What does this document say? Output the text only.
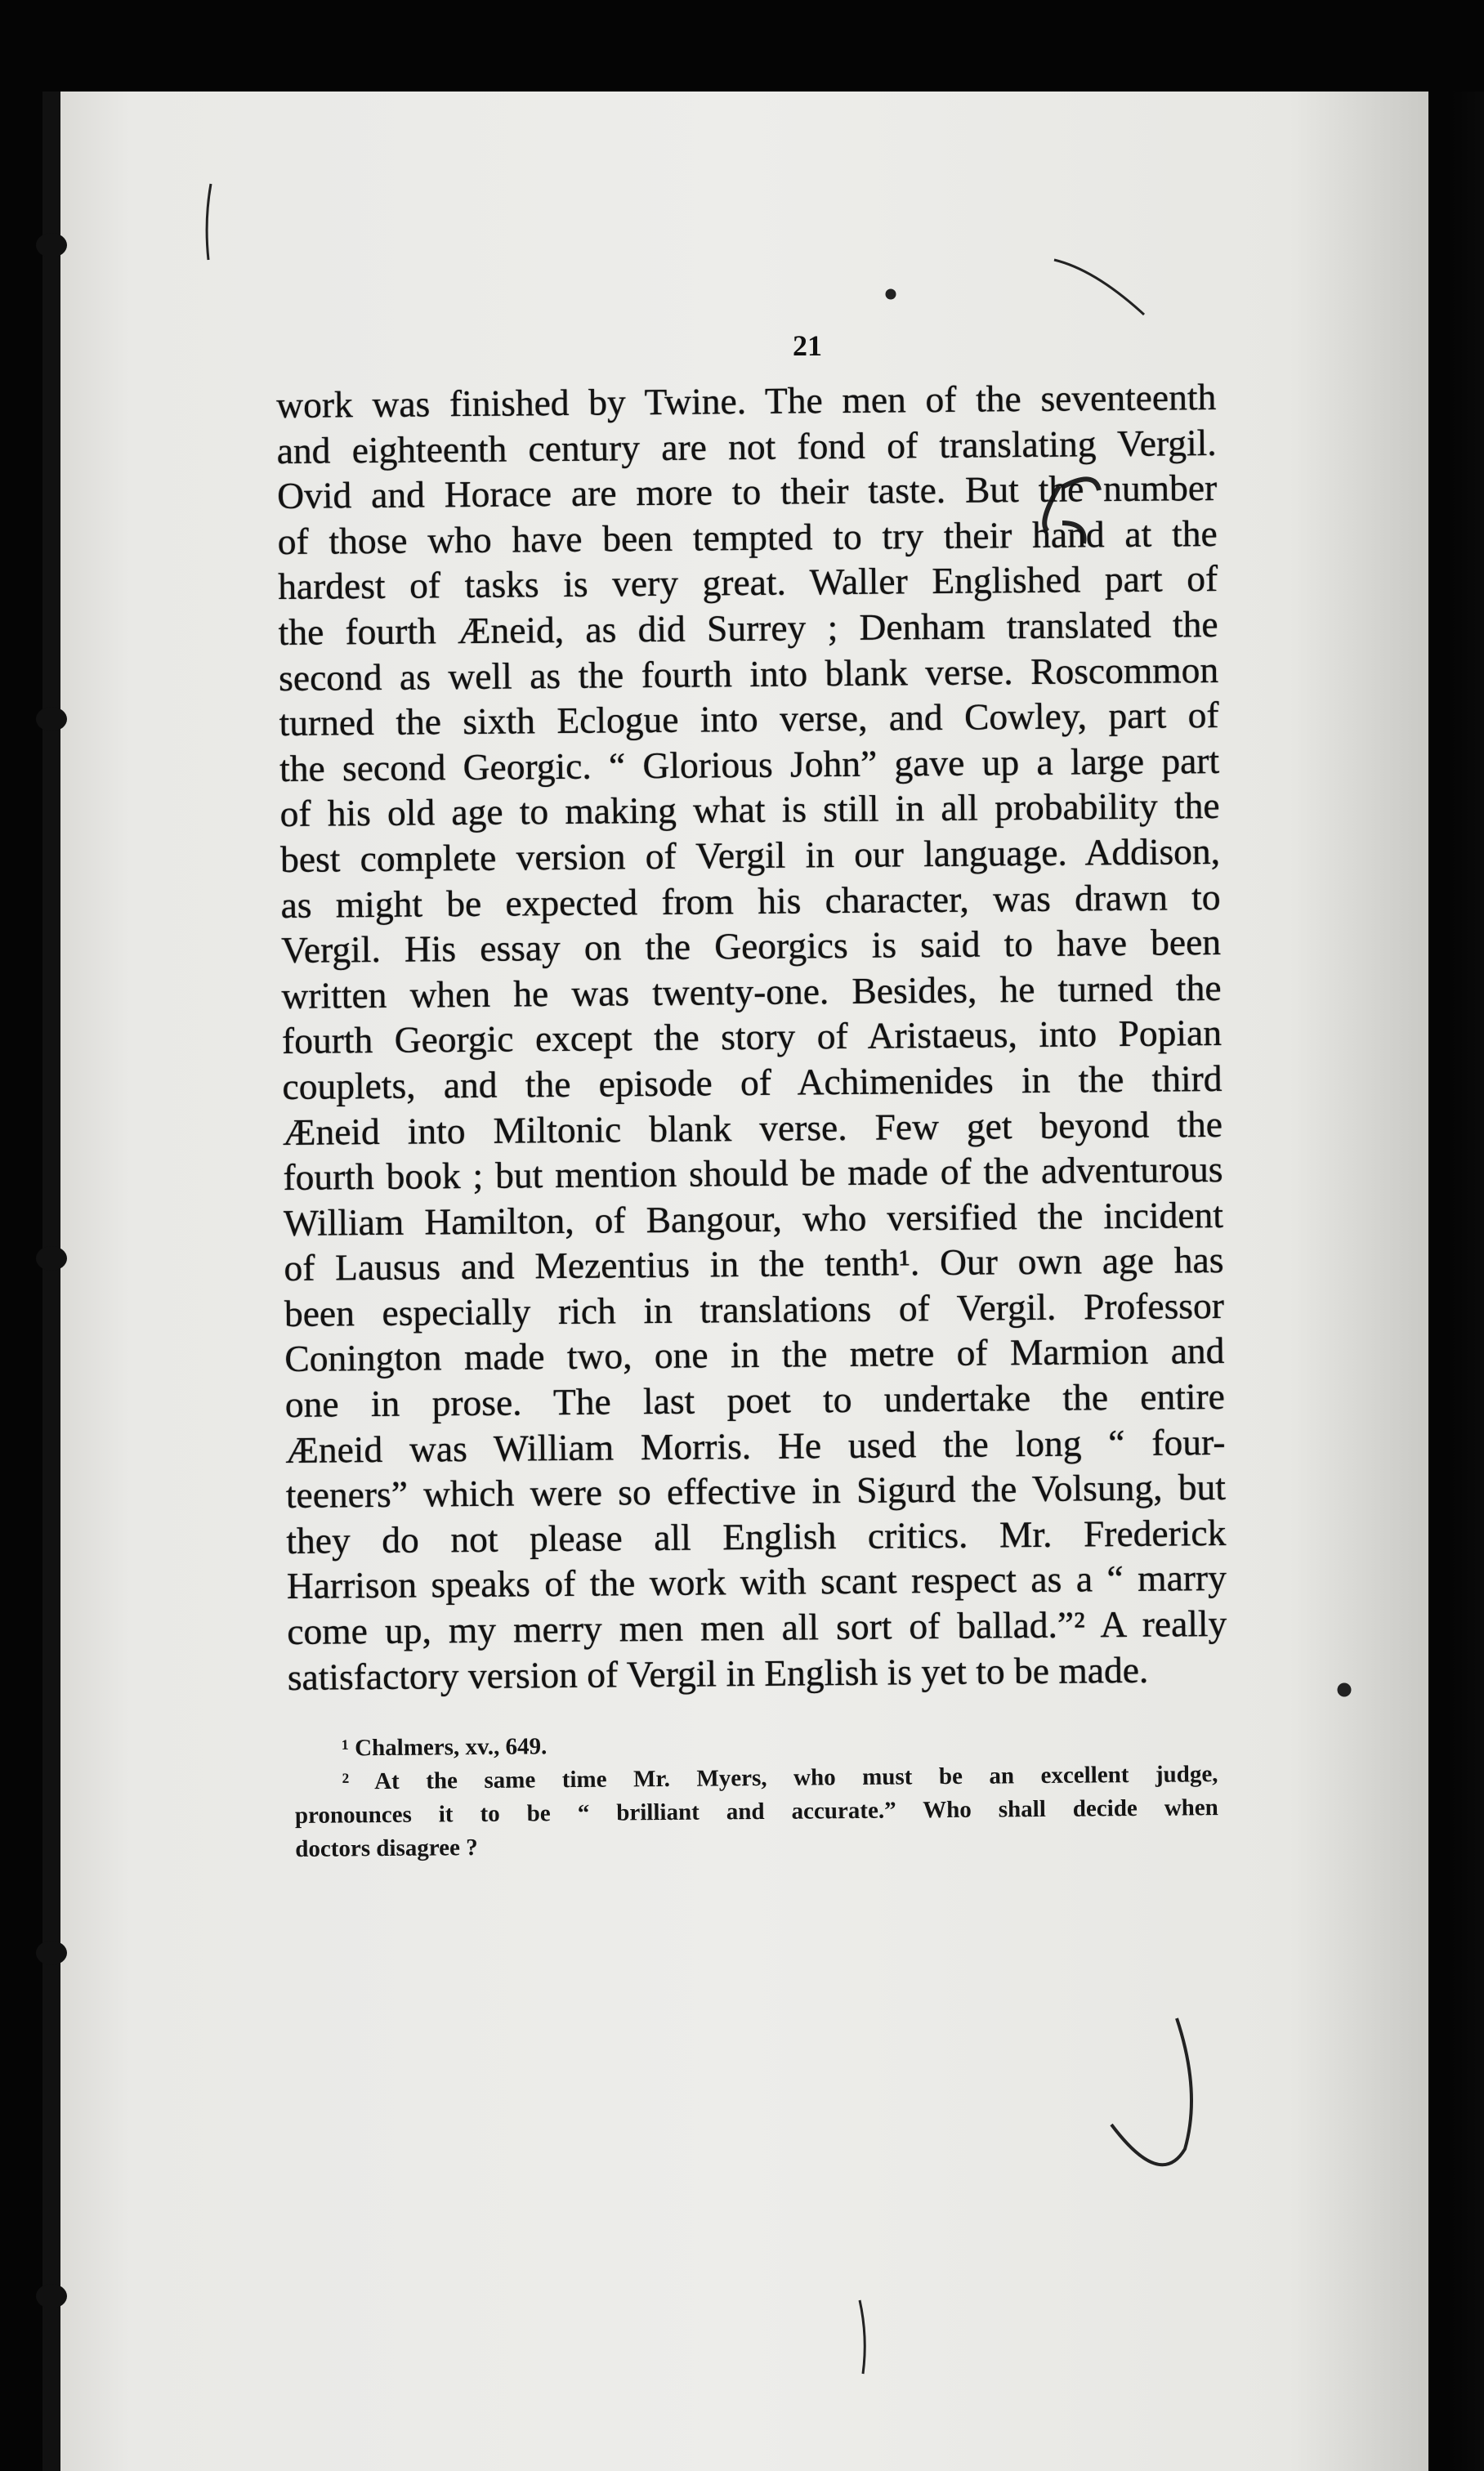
21
work was finished by Twine. The men of the seventeenth
and eighteenth century are not fond of translating Vergil.
Ovid and Horace are more to their taste. But the number
of those who have been tempted to try their hand at the
hardest of tasks is very great. Waller Englished part of
the fourth Æneid, as did Surrey ; Denham translated the
second as well as the fourth into blank verse. Roscommon
turned the sixth Eclogue into verse, and Cowley, part of
the second Georgic. “ Glorious John” gave up a large part
of his old age to making what is still in all probability the
best complete version of Vergil in our language. Addison,
as might be expected from his character, was drawn to
Vergil. His essay on the Georgics is said to have been
written when he was twenty-one. Besides, he turned the
fourth Georgic except the story of Aristaeus, into Popian
couplets, and the episode of Achimenides in the third
Æneid into Miltonic blank verse. Few get beyond the
fourth book ; but mention should be made of the adventurous
William Hamilton, of Bangour, who versified the incident
of Lausus and Mezentius in the tenth¹. Our own age has
been especially rich in translations of Vergil. Professor
Conington made two, one in the metre of Marmion and
one in prose. The last poet to undertake the entire
Æneid was William Morris. He used the long “ four-
teeners” which were so effective in Sigurd the Volsung, but
they do not please all English critics. Mr. Frederick
Harrison speaks of the work with scant respect as a “ marry
come up, my merry men men all sort of ballad.”² A really
satisfactory version of Vergil in English is yet to be made.
¹ Chalmers, xv., 649.
² At the same time Mr. Myers, who must be an excellent judge,
pronounces it to be “ brilliant and accurate.” Who shall decide when
doctors disagree ?
